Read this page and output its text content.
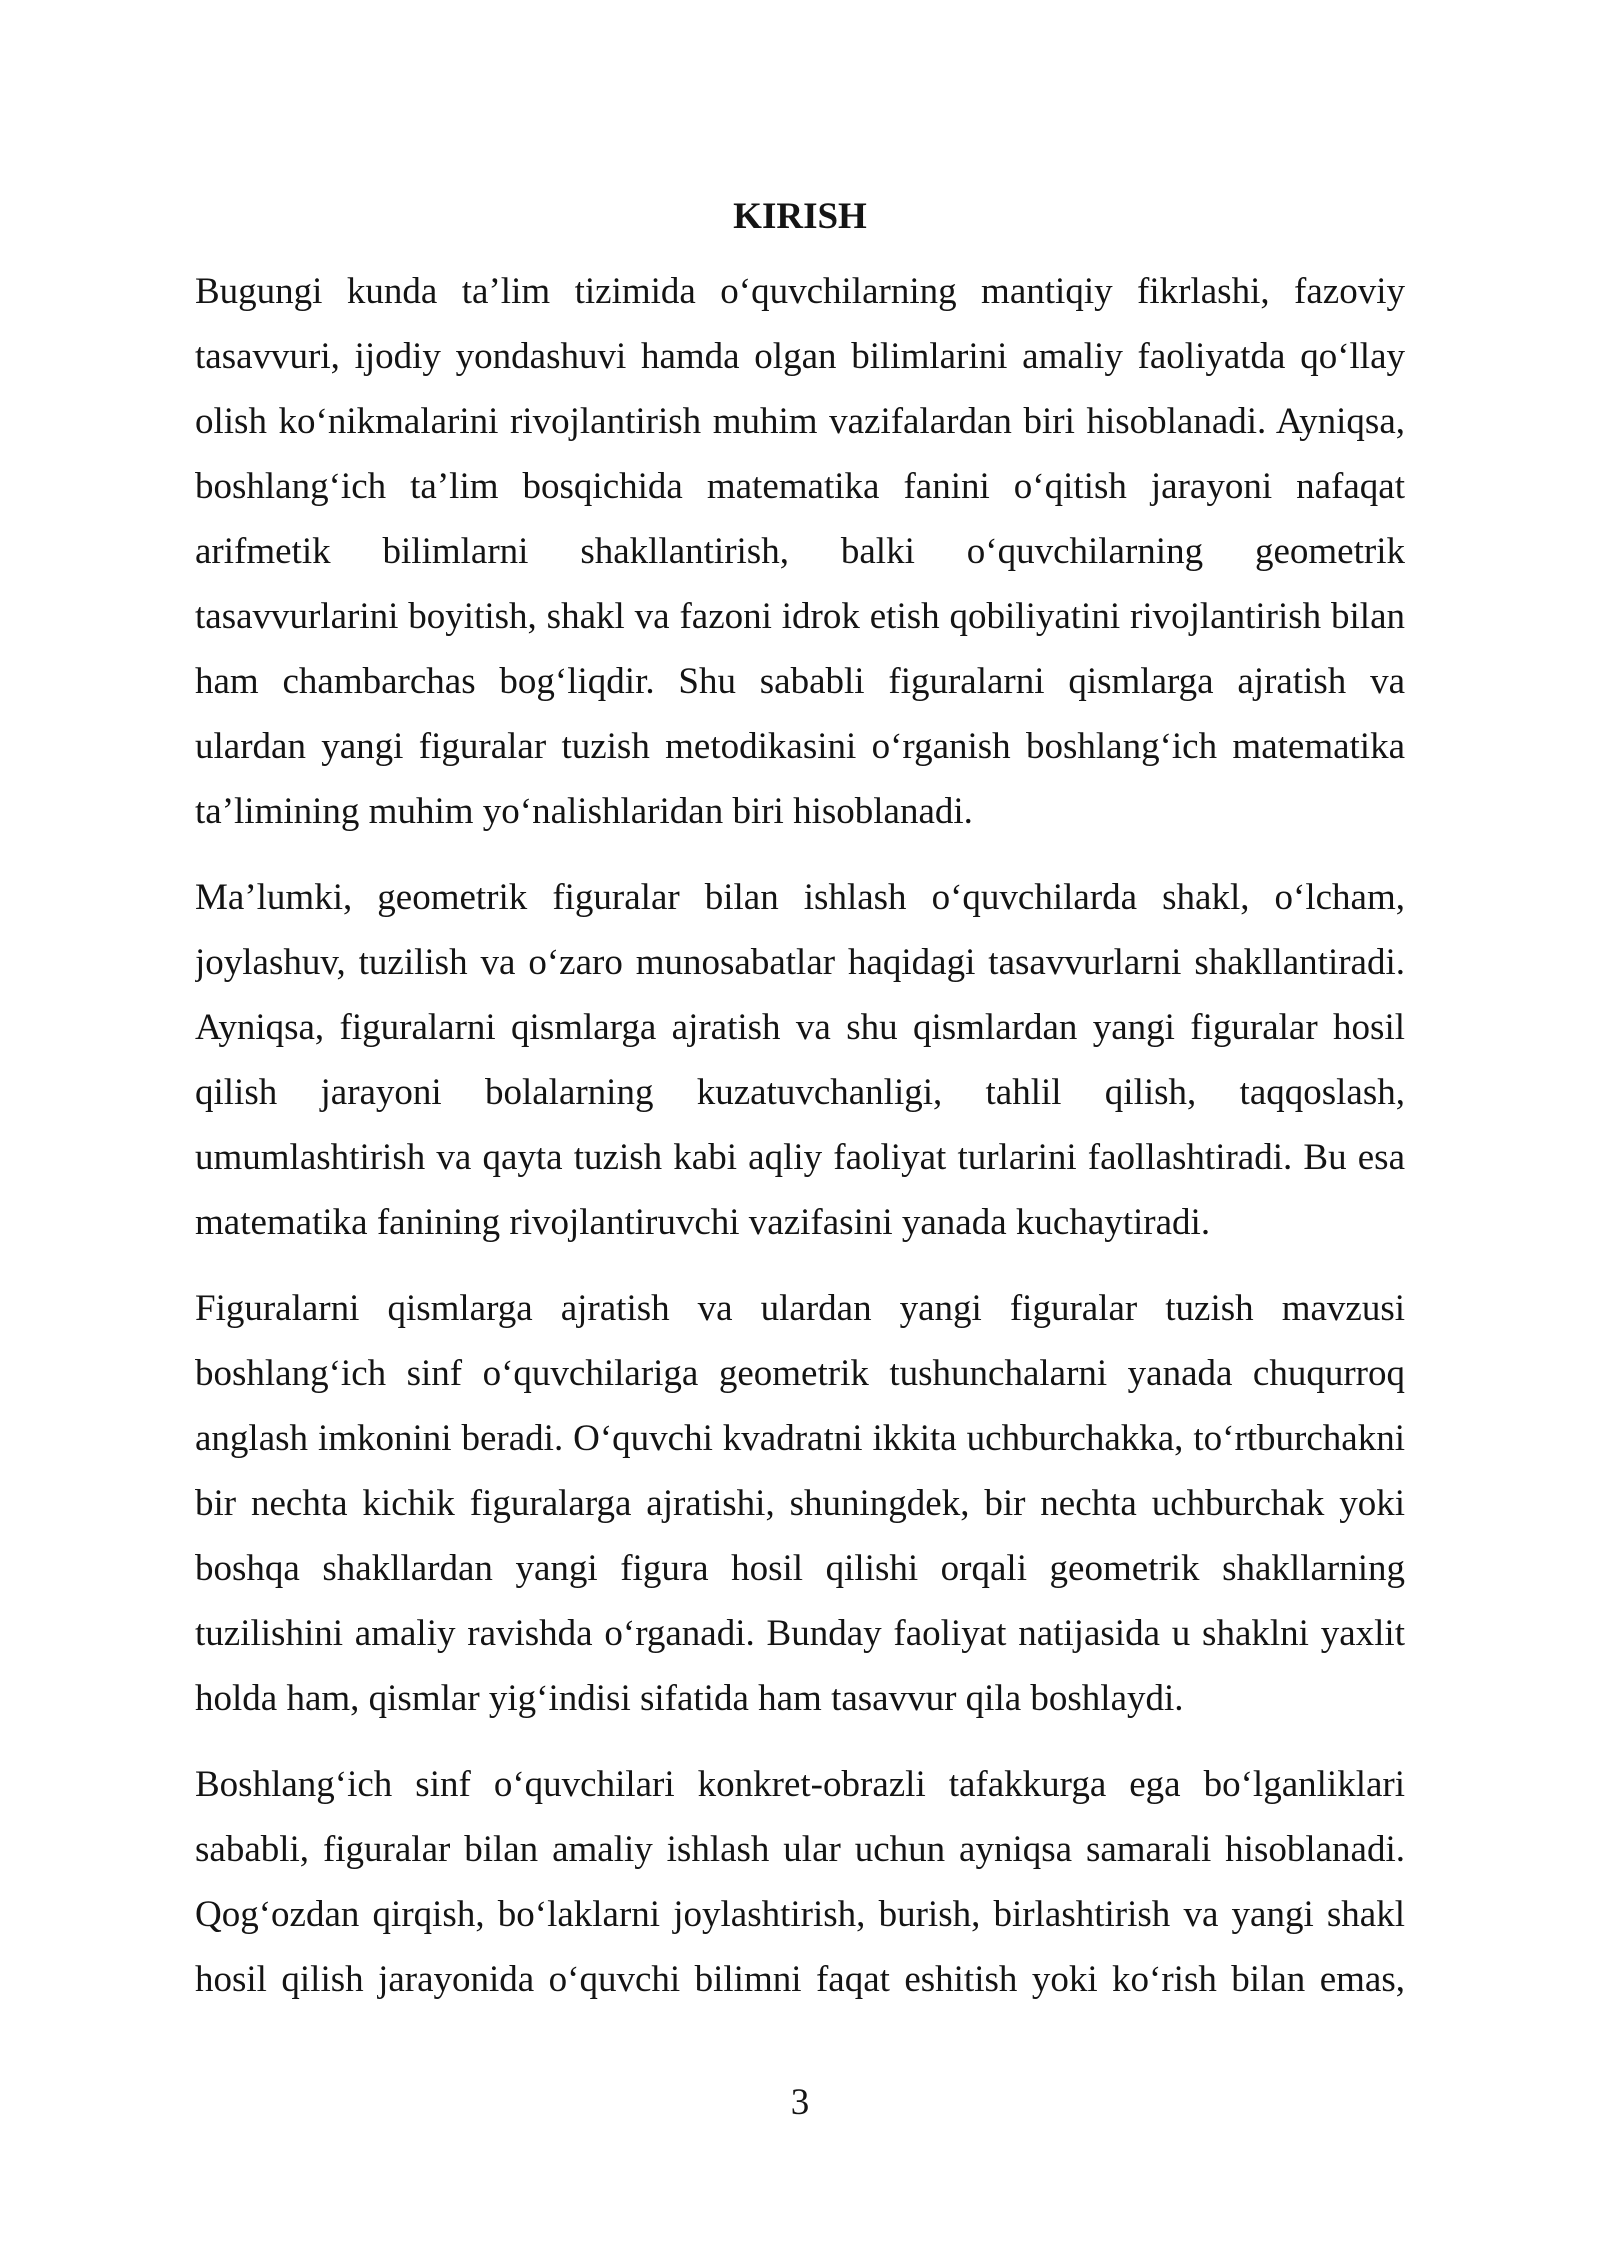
KIRISH
Bugungi kunda ta’lim tizimida o‘quvchilarning mantiqiy fikrlashi, fazoviy
tasavvuri, ijodiy yondashuvi hamda olgan bilimlarini amaliy faoliyatda qo‘llay
olish ko‘nikmalarini rivojlantirish muhim vazifalardan biri hisoblanadi. Ayniqsa,
boshlang‘ich ta’lim bosqichida matematika fanini o‘qitish jarayoni nafaqat
arifmetik bilimlarni shakllantirish, balki o‘quvchilarning geometrik
tasavvurlarini boyitish, shakl va fazoni idrok etish qobiliyatini rivojlantirish bilan
ham chambarchas bog‘liqdir. Shu sababli figuralarni qismlarga ajratish va
ulardan yangi figuralar tuzish metodikasini o‘rganish boshlang‘ich matematika
ta’limining muhim yo‘nalishlaridan biri hisoblanadi.
Ma’lumki, geometrik figuralar bilan ishlash o‘quvchilarda shakl, o‘lcham,
joylashuv, tuzilish va o‘zaro munosabatlar haqidagi tasavvurlarni shakllantiradi.
Ayniqsa, figuralarni qismlarga ajratish va shu qismlardan yangi figuralar hosil
qilish jarayoni bolalarning kuzatuvchanligi, tahlil qilish, taqqoslash,
umumlashtirish va qayta tuzish kabi aqliy faoliyat turlarini faollashtiradi. Bu esa
matematika fanining rivojlantiruvchi vazifasini yanada kuchaytiradi.
Figuralarni qismlarga ajratish va ulardan yangi figuralar tuzish mavzusi
boshlang‘ich sinf o‘quvchilariga geometrik tushunchalarni yanada chuqurroq
anglash imkonini beradi. O‘quvchi kvadratni ikkita uchburchakka, to‘rtburchakni
bir nechta kichik figuralarga ajratishi, shuningdek, bir nechta uchburchak yoki
boshqa shakllardan yangi figura hosil qilishi orqali geometrik shakllarning
tuzilishini amaliy ravishda o‘rganadi. Bunday faoliyat natijasida u shaklni yaxlit
holda ham, qismlar yig‘indisi sifatida ham tasavvur qila boshlaydi.
Boshlang‘ich sinf o‘quvchilari konkret-obrazli tafakkurga ega bo‘lganliklari
sababli, figuralar bilan amaliy ishlash ular uchun ayniqsa samarali hisoblanadi.
Qog‘ozdan qirqish, bo‘laklarni joylashtirish, burish, birlashtirish va yangi shakl
hosil qilish jarayonida o‘quvchi bilimni faqat eshitish yoki ko‘rish bilan emas,
3
